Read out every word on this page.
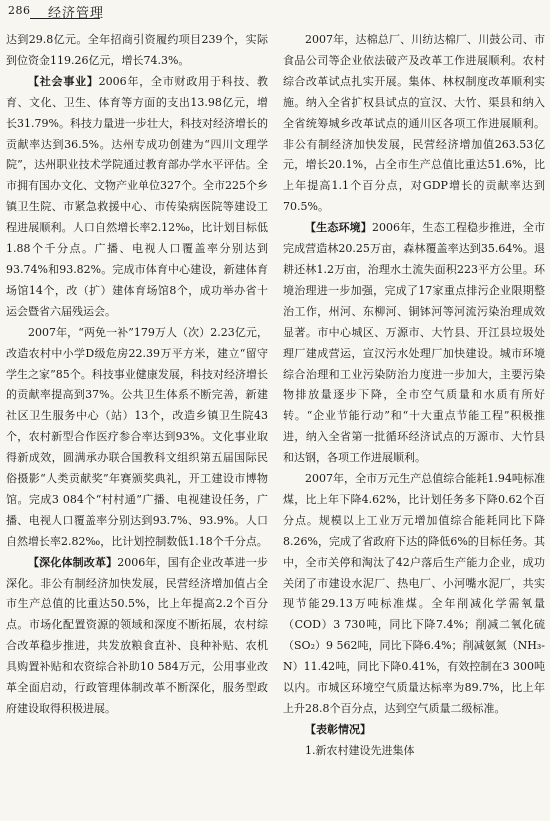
286 经济管理

达到29.8亿元。全年招商引资履约项目239个，实际到位资金119.26亿元，增长74.3%。

【社会事业】2006年，全市财政用于科技、教育、文化、卫生、体育等方面的支出13.98亿元，增长31.79%。科技力量进一步壮大，科技对经济增长的贡献率达到36.5%。达州专成功创建为“四川文理学院”，达州职业技术学院通过教育部办学水平评估。全市拥有国办文化、文物产业单位327个。全市225个乡镇卫生院、市紧急救援中心、市传染病医院等建设工程进展顺利。人口自然增长率2.12‰，比计划目标低1.88个千分点。广播、电视人口覆盖率分别达到93.74%和93.82%。完成市体育中心建设，新建体育场馆14个，改（扩）建体育场馆8个，成功举办省十运会暨省六届残运会。

2007年，“两免一补”179万人（次）2.23亿元，改造农村中小学D级危房22.39万平方米，建立“留守学生之家”85个。科技事业健康发展，科技对经济增长的贡献率提高到37%。公共卫生体系不断完善，新建社区卫生服务中心（站）13个，改造乡镇卫生院43个，农村新型合作医疗参合率达到93%。文化事业取得新成效，圆满承办联合国教科文组织第五届国际民俗摄影“人类贡献奖”年赛颁奖典礼，开工建设市博物馆。完成3 084个“村村通”广播、电视建设任务，广播、电视人口覆盖率分别达到93.7%、93.9%。人口自然增长率2.82‰，比计划控制数低1.18个千分点。

【深化体制改革】2006年，国有企业改革进一步深化。非公有制经济加快发展，民营经济增加值占全市生产总值的比重达50.5%，比上年提高2.2个百分点。市场化配置资源的领域和深度不断拓展，农村综合改革稳步推进，共发放粮食直补、良种补贴、农机具购置补贴和农资综合补助10 584万元，公用事业改革全面启动，行政管理体制改革不断深化，服务型政府建设取得积极进展。

2007年，达棉总厂、川纺达棉厂、川鼓公司、市食品公司等企业依法破产及改革工作进展顺利。农村综合改革试点扎实开展。集体、林权制度改革顺利实施。纳入全省扩权县试点的宣汉、大竹、渠县和纳入全省统筹城乡改革试点的通川区各项工作进展顺利。非公有制经济加快发展，民营经济增加值263.53亿元，增长20.1%，占全市生产总值比重达51.6%，比上年提高1.1个百分点，对GDP增长的贡献率达到70.5%。

【生态环境】2006年，生态工程稳步推进，全市完成营造林20.25万亩，森林覆盖率达到35.64%。退耕还林1.2万亩，治理水土流失面积223平方公里。环境治理进一步加强，完成了17家重点排污企业限期整治工作，州河、东柳河、铜钵河等河流污染治理成效显著。市中心城区、万源市、大竹县、开江县垃圾处理厂建成营运，宣汉污水处理厂加快建设。城市环境综合治理和工业污染防治力度进一步加大，主要污染物排放量逐步下降，全市空气质量和水质有所好转。“企业节能行动”和“十大重点节能工程”积极推进，纳入全省第一批循环经济试点的万源市、大竹县和达钢，各项工作进展顺利。

2007年，全市万元生产总值综合能耗1.94吨标准煤，比上年下降4.62%，比计划任务多下降0.62个百分点。规模以上工业万元增加值综合能耗同比下降8.26%，完成了省政府下达的降低6%的目标任务。其中，全市关停和淘汰了42户落后生产能力企业，成功关闭了市建设水泥厂、热电厂、小河嘴水泥厂，共实现节能29.13万吨标准煤。全年削减化学需氧量（COD）3 730吨，同比下降7.4%；削减二氧化硫（SO₂）9 562吨，同比下降6.4%；削减氨氮（NH₃-N）11.42吨，同比下降0.41%，有效控制在3 300吨以内。市城区环境空气质量达标率为89.7%，比上年上升28.8个百分点，达到空气质量二级标准。

【表彰情况】

1.新农村建设先进集体
